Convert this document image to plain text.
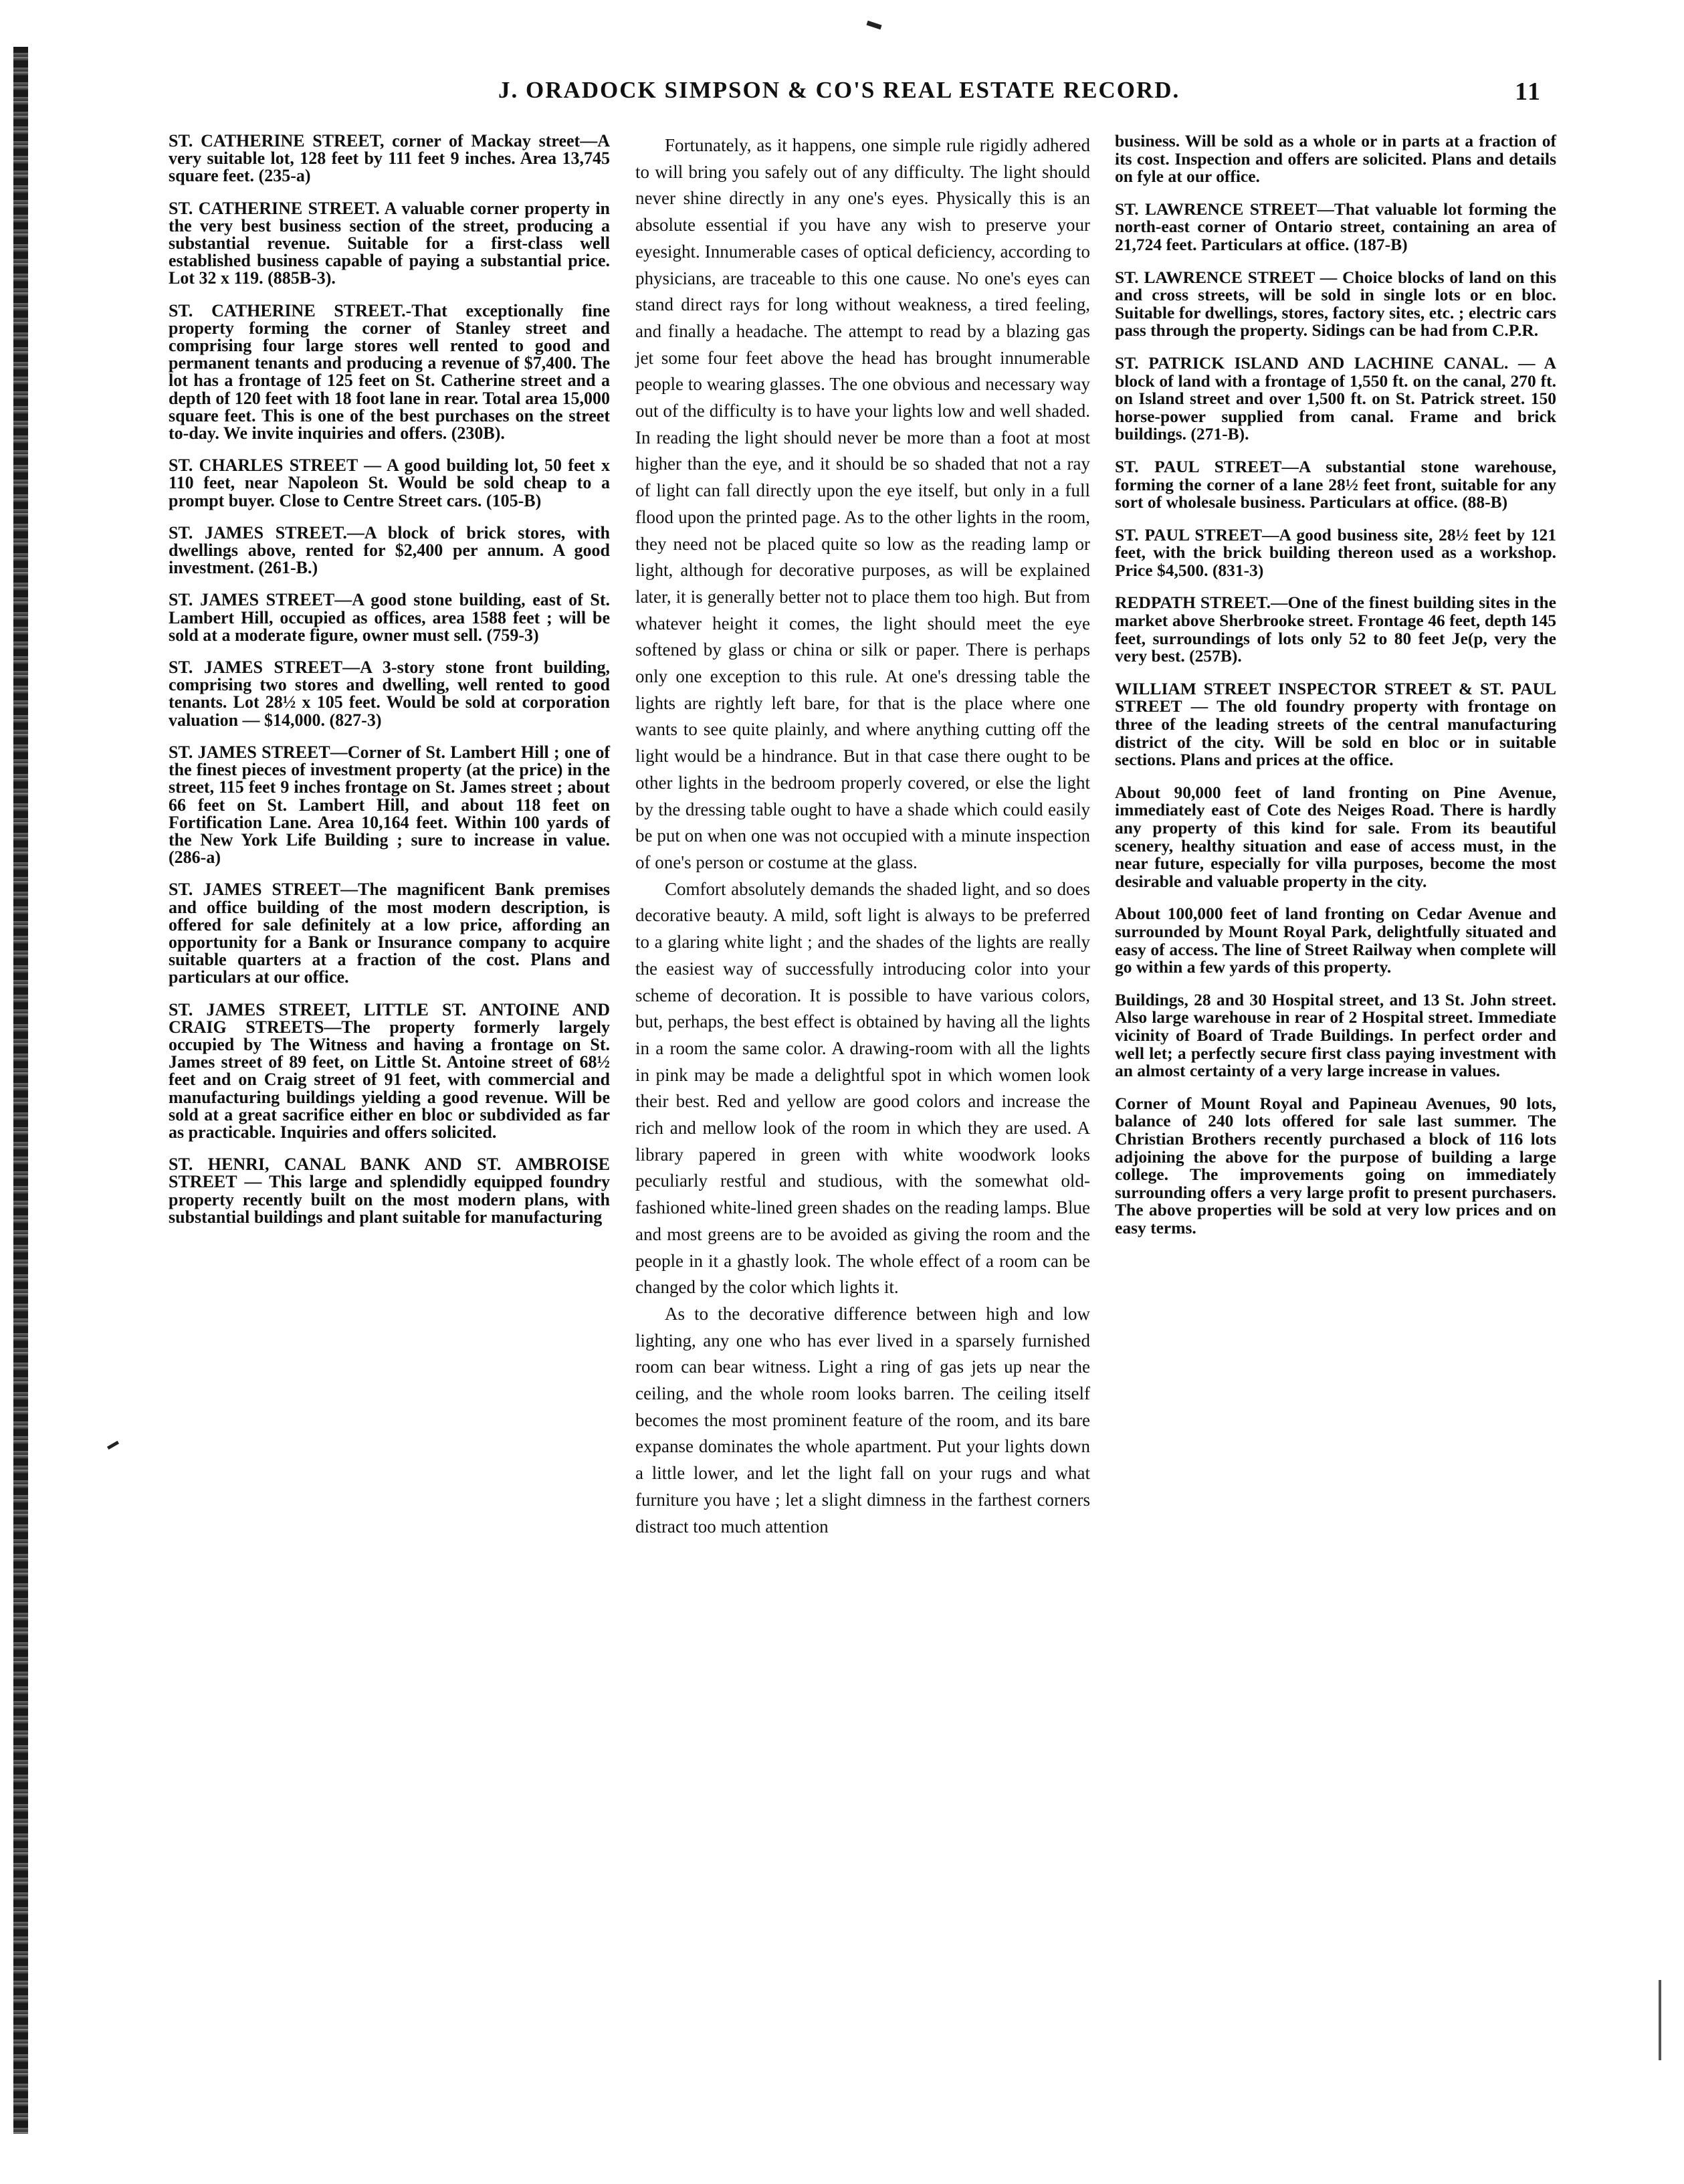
J. ORADOCK SIMPSON & CO'S REAL ESTATE RECORD.	11

ST. CATHERINE STREET, corner of Mackay street—A very suitable lot, 128 feet by 111 feet 9 inches. Area 13,745 square feet. (235-a)

ST. CATHERINE STREET. A valuable corner property in the very best business section of the street, producing a substantial revenue. Suitable for a first-class well established business capable of paying a substantial price. Lot 32 x 119. (885B-3).

ST. CATHERINE STREET.-That exceptionally fine property forming the corner of Stanley street and comprising four large stores well rented to good and permanent tenants and producing a revenue of $7,400. The lot has a frontage of 125 feet on St. Catherine street and a depth of 120 feet with 18 foot lane in rear. Total area 15,000 square feet. This is one of the best purchases on the street to-day. We invite inquiries and offers. (230B).

ST. CHARLES STREET — A good building lot, 50 feet x 110 feet, near Napoleon St. Would be sold cheap to a prompt buyer. Close to Centre Street cars. (105-B)

ST. JAMES STREET.—A block of brick stores, with dwellings above, rented for $2,400 per annum. A good investment. (261-B.)

ST. JAMES STREET—A good stone building, east of St. Lambert Hill, occupied as offices, area 1588 feet ; will be sold at a moderate figure, owner must sell. (759-3)

ST. JAMES STREET—A 3-story stone front building, comprising two stores and dwelling, well rented to good tenants. Lot 28½ x 105 feet. Would be sold at corporation valuation — $14,000. (827-3)

ST. JAMES STREET—Corner of St. Lambert Hill ; one of the finest pieces of investment property (at the price) in the street, 115 feet 9 inches frontage on St. James street ; about 66 feet on St. Lambert Hill, and about 118 feet on Fortification Lane. Area 10,164 feet. Within 100 yards of the New York Life Building ; sure to increase in value. (286-a)

ST. JAMES STREET—The magnificent Bank premises and office building of the most modern description, is offered for sale definitely at a low price, affording an opportunity for a Bank or Insurance company to acquire suitable quarters at a fraction of the cost. Plans and particulars at our office.

ST. JAMES STREET, LITTLE ST. ANTOINE AND CRAIG STREETS—The property formerly largely occupied by The Witness and having a frontage on St. James street of 89 feet, on Little St. Antoine street of 68½ feet and on Craig street of 91 feet, with commercial and manufacturing buildings yielding a good revenue. Will be sold at a great sacrifice either en bloc or subdivided as far as practicable. Inquiries and offers solicited.

ST. HENRI, CANAL BANK AND ST. AMBROISE STREET — This large and splendidly equipped foundry property recently built on the most modern plans, with substantial buildings and plant suitable for manufacturing

Fortunately, as it happens, one simple rule rigidly adhered to will bring you safely out of any difficulty. The light should never shine directly in any one's eyes. Physically this is an absolute essential if you have any wish to preserve your eyesight. Innumerable cases of optical deficiency, according to physicians, are traceable to this one cause. No one's eyes can stand direct rays for long without weakness, a tired feeling, and finally a headache. The attempt to read by a blazing gas jet some four feet above the head has brought innumerable people to wearing glasses. The one obvious and necessary way out of the difficulty is to have your lights low and well shaded. In reading the light should never be more than a foot at most higher than the eye, and it should be so shaded that not a ray of light can fall directly upon the eye itself, but only in a full flood upon the printed page. As to the other lights in the room, they need not be placed quite so low as the reading lamp or light, although for decorative purposes, as will be explained later, it is generally better not to place them too high. But from whatever height it comes, the light should meet the eye softened by glass or china or silk or paper. There is perhaps only one exception to this rule. At one's dressing table the lights are rightly left bare, for that is the place where one wants to see quite plainly, and where anything cutting off the light would be a hindrance. But in that case there ought to be other lights in the bedroom properly covered, or else the light by the dressing table ought to have a shade which could easily be put on when one was not occupied with a minute inspection of one's person or costume at the glass.

Comfort absolutely demands the shaded light, and so does decorative beauty. A mild, soft light is always to be preferred to a glaring white light ; and the shades of the lights are really the easiest way of successfully introducing color into your scheme of decoration. It is possible to have various colors, but, perhaps, the best effect is obtained by having all the lights in a room the same color. A drawing-room with all the lights in pink may be made a delightful spot in which women look their best. Red and yellow are good colors and increase the rich and mellow look of the room in which they are used. A library papered in green with white woodwork looks peculiarly restful and studious, with the somewhat old-fashioned white-lined green shades on the reading lamps. Blue and most greens are to be avoided as giving the room and the people in it a ghastly look. The whole effect of a room can be changed by the color which lights it.

As to the decorative difference between high and low lighting, any one who has ever lived in a sparsely furnished room can bear witness. Light a ring of gas jets up near the ceiling, and the whole room looks barren. The ceiling itself becomes the most prominent feature of the room, and its bare expanse dominates the whole apartment. Put your lights down a little lower, and let the light fall on your rugs and what furniture you have ; let a slight dimness in the farthest corners distract too much attention

business. Will be sold as a whole or in parts at a fraction of its cost. Inspection and offers are solicited. Plans and details on fyle at our office.

ST. LAWRENCE STREET—That valuable lot forming the north-east corner of Ontario street, containing an area of 21,724 feet. Particulars at office. (187-B)

ST. LAWRENCE STREET — Choice blocks of land on this and cross streets, will be sold in single lots or en bloc. Suitable for dwellings, stores, factory sites, etc. ; electric cars pass through the property. Sidings can be had from C.P.R.

ST. PATRICK ISLAND AND LACHINE CANAL. — A block of land with a frontage of 1,550 ft. on the canal, 270 ft. on Island street and over 1,500 ft. on St. Patrick street. 150 horse-power supplied from canal. Frame and brick buildings. (271-B).

ST. PAUL STREET—A substantial stone warehouse, forming the corner of a lane 28½ feet front, suitable for any sort of wholesale business. Particulars at office. (88-B)

ST. PAUL STREET—A good business site, 28½ feet by 121 feet, with the brick building thereon used as a workshop. Price $4,500. (831-3)

REDPATH STREET.—One of the finest building sites in the market above Sherbrooke street. Frontage 46 feet, depth 145 feet, surroundings of lots only 52 to 80 feet Je(p, very the very best. (257B).

WILLIAM STREET INSPECTOR STREET & ST. PAUL STREET — The old foundry property with frontage on three of the leading streets of the central manufacturing district of the city. Will be sold en bloc or in suitable sections. Plans and prices at the office.

About 90,000 feet of land fronting on Pine Avenue, immediately east of Cote des Neiges Road. There is hardly any property of this kind for sale. From its beautiful scenery, healthy situation and ease of access must, in the near future, especially for villa purposes, become the most desirable and valuable property in the city.

About 100,000 feet of land fronting on Cedar Avenue and surrounded by Mount Royal Park, delightfully situated and easy of access. The line of Street Railway when complete will go within a few yards of this property.

Buildings, 28 and 30 Hospital street, and 13 St. John street. Also large warehouse in rear of 2 Hospital street. Immediate vicinity of Board of Trade Buildings. In perfect order and well let; a perfectly secure first class paying investment with an almost certainty of a very large increase in values.

Corner of Mount Royal and Papineau Avenues, 90 lots, balance of 240 lots offered for sale last summer. The Christian Brothers recently purchased a block of 116 lots adjoining the above for the purpose of building a large college. The improvements going on immediately surrounding offers a very large profit to present purchasers. The above properties will be sold at very low prices and on easy terms.
